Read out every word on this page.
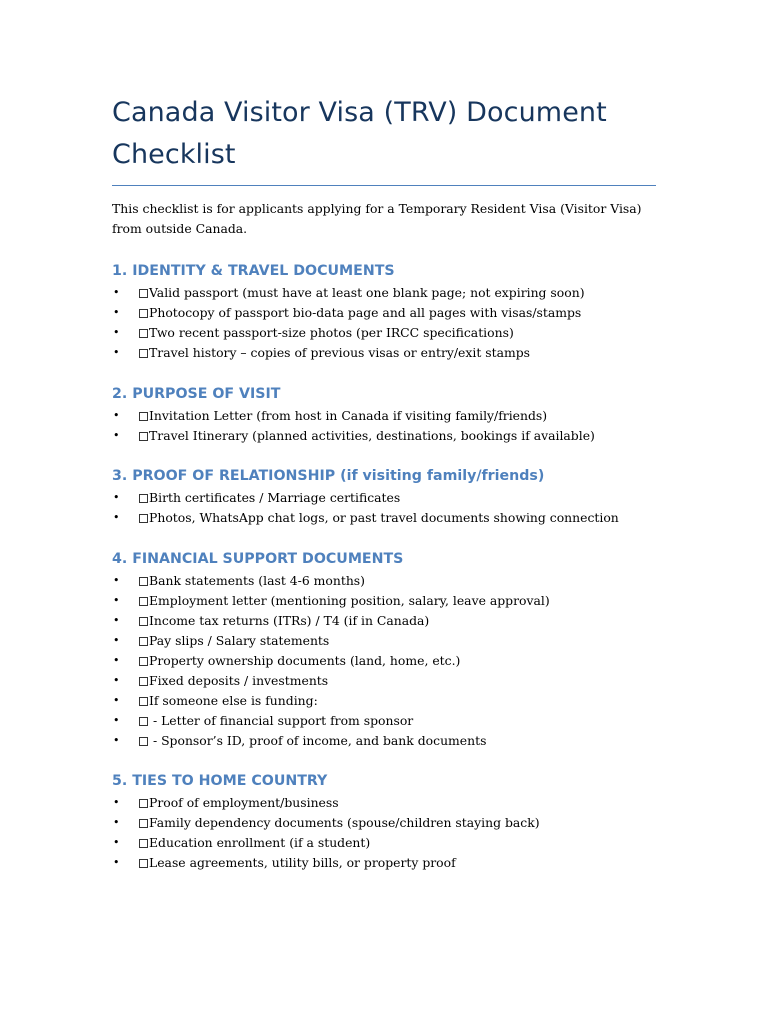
Canada Visitor Visa (TRV) Document Checklist

This checklist is for applicants applying for a Temporary Resident Visa (Visitor Visa) from outside Canada.

1. IDENTITY & TRAVEL DOCUMENTS
• Valid passport (must have at least one blank page; not expiring soon)
• Photocopy of passport bio-data page and all pages with visas/stamps
• Two recent passport-size photos (per IRCC specifications)
• Travel history – copies of previous visas or entry/exit stamps
2. PURPOSE OF VISIT
• Invitation Letter (from host in Canada if visiting family/friends)
• Travel Itinerary (planned activities, destinations, bookings if available)
3. PROOF OF RELATIONSHIP (if visiting family/friends)
• Birth certificates / Marriage certificates
• Photos, WhatsApp chat logs, or past travel documents showing connection
4. FINANCIAL SUPPORT DOCUMENTS
• Bank statements (last 4-6 months)
• Employment letter (mentioning position, salary, leave approval)
• Income tax returns (ITRs) / T4 (if in Canada)
• Pay slips / Salary statements
• Property ownership documents (land, home, etc.)
• Fixed deposits / investments
• If someone else is funding:
• - Letter of financial support from sponsor
• - Sponsor’s ID, proof of income, and bank documents
5. TIES TO HOME COUNTRY
• Proof of employment/business
• Family dependency documents (spouse/children staying back)
• Education enrollment (if a student)
• Lease agreements, utility bills, or property proof
